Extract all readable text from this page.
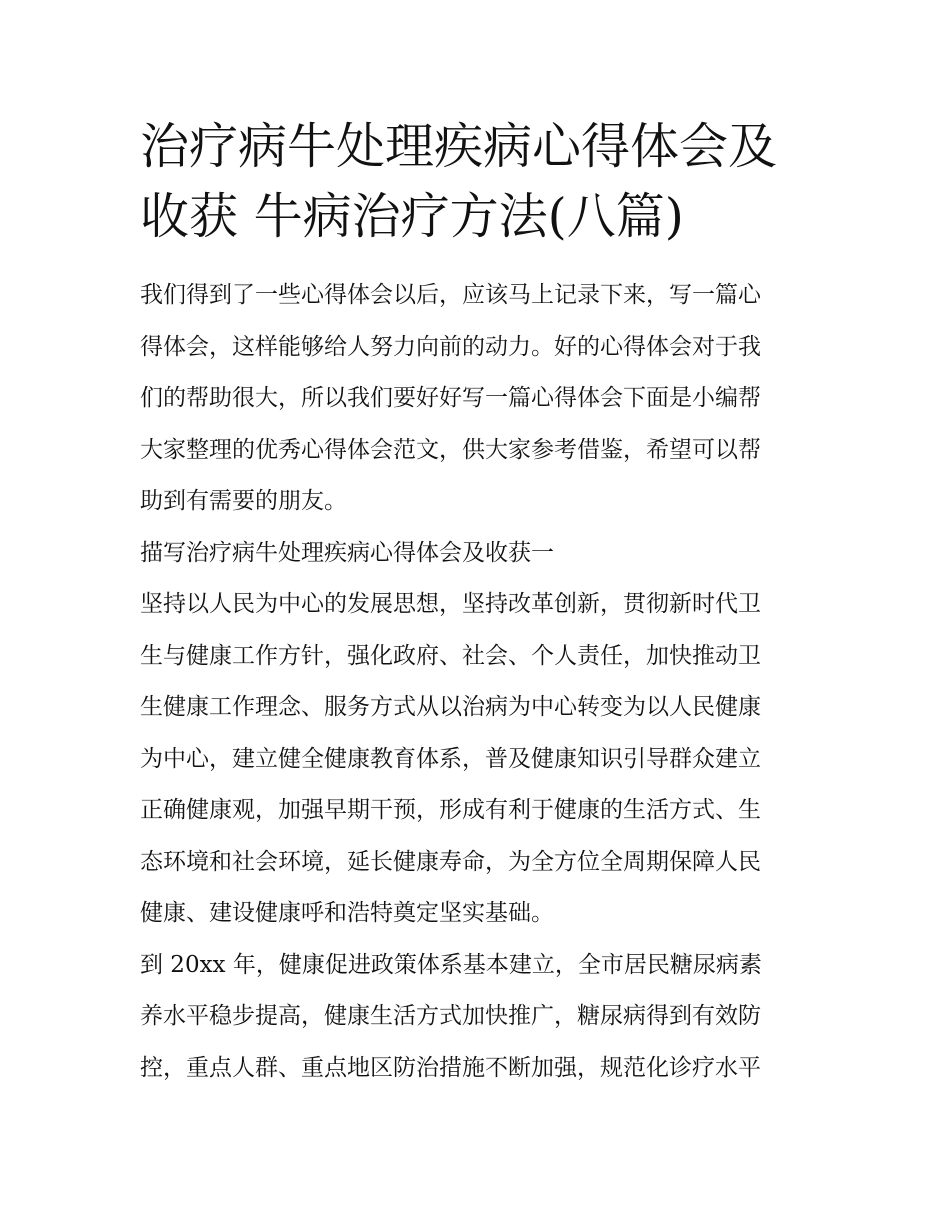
治疗病牛处理疾病心得体会及
收获 牛病治疗方法(八篇)
我们得到了一些心得体会以后，应该马上记录下来，写一篇心
得体会，这样能够给人努力向前的动力。好的心得体会对于我
们的帮助很大，所以我们要好好写一篇心得体会下面是小编帮
大家整理的优秀心得体会范文，供大家参考借鉴，希望可以帮
助到有需要的朋友。
描写治疗病牛处理疾病心得体会及收获一
坚持以人民为中心的发展思想，坚持改革创新，贯彻新时代卫
生与健康工作方针，强化政府、社会、个人责任，加快推动卫
生健康工作理念、服务方式从以治病为中心转变为以人民健康
为中心，建立健全健康教育体系，普及健康知识引导群众建立
正确健康观，加强早期干预，形成有利于健康的生活方式、生
态环境和社会环境，延长健康寿命，为全方位全周期保障人民
健康、建设健康呼和浩特奠定坚实基础。
到 20xx 年，健康促进政策体系基本建立，全市居民糖尿病素
养水平稳步提高，健康生活方式加快推广，糖尿病得到有效防
控，重点人群、重点地区防治措施不断加强，规范化诊疗水平
